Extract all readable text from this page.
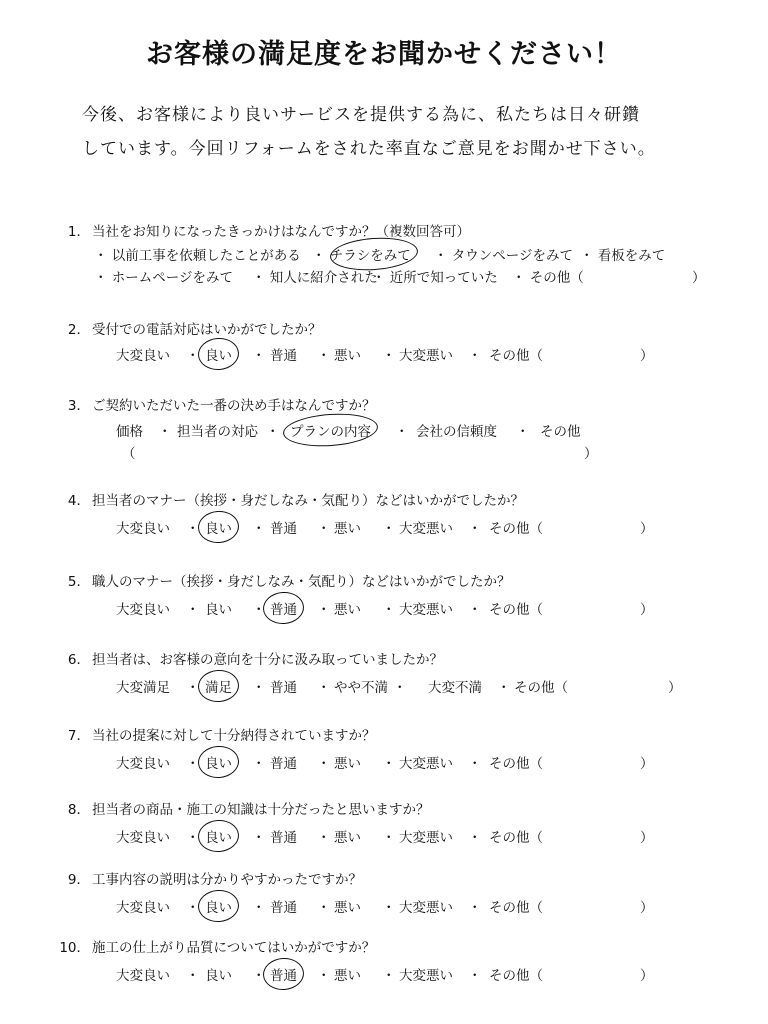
お客様の満足度をお聞かせください！
今後、お客様により良いサービスを提供する為に、私たちは日々研鑽
しています。今回リフォームをされた率直なご意見をお聞かせ下さい。
1． 当社をお知りになったきっかけはなんですか？（複数回答可）
・ 以前工事を依頼したことがある ・ チラシをみて ・ タウンページをみて ・ 看板をみて
・ ホームページをみて ・ 知人に紹介された
・ 近所で知っていた ・ その他（	）
2． 受付での電話対応はいかがでしたか？
大変良い ・ 良い ・ 普通 ・ 悪い ・ 大変悪い ・ その他（	）
3． ご契約いただいた一番の決め手はなんですか？
価格 ・ 担当者の対応 ・ プランの内容 ・ 会社の信頼度 ・ その他
（	）
4． 担当者のマナー（挨拶・身だしなみ・気配り）などはいかがでしたか？
大変良い ・ 良い ・ 普通 ・ 悪い ・ 大変悪い ・ その他（	）
5． 職人のマナー（挨拶・身だしなみ・気配り）などはいかがでしたか？
大変良い ・ 良い ・ 普通 ・ 悪い ・ 大変悪い ・ その他（	）
6． 担当者は、お客様の意向を十分に汲み取っていましたか？
大変満足 ・ 満足 ・ 普通 ・ やや不満 ・ 大変不満 ・ その他（	）
7． 当社の提案に対して十分納得されていますか？
大変良い ・ 良い ・ 普通 ・ 悪い ・ 大変悪い ・ その他（	）
8． 担当者の商品・施工の知識は十分だったと思いますか？
大変良い ・ 良い ・ 普通 ・ 悪い ・ 大変悪い ・ その他（	）
9． 工事内容の説明は分かりやすかったですか？
大変良い ・ 良い ・ 普通 ・ 悪い ・ 大変悪い ・ その他（	）
10． 施工の仕上がり品質についてはいかがですか？
大変良い ・ 良い ・ 普通 ・ 悪い ・ 大変悪い ・ その他（	）
